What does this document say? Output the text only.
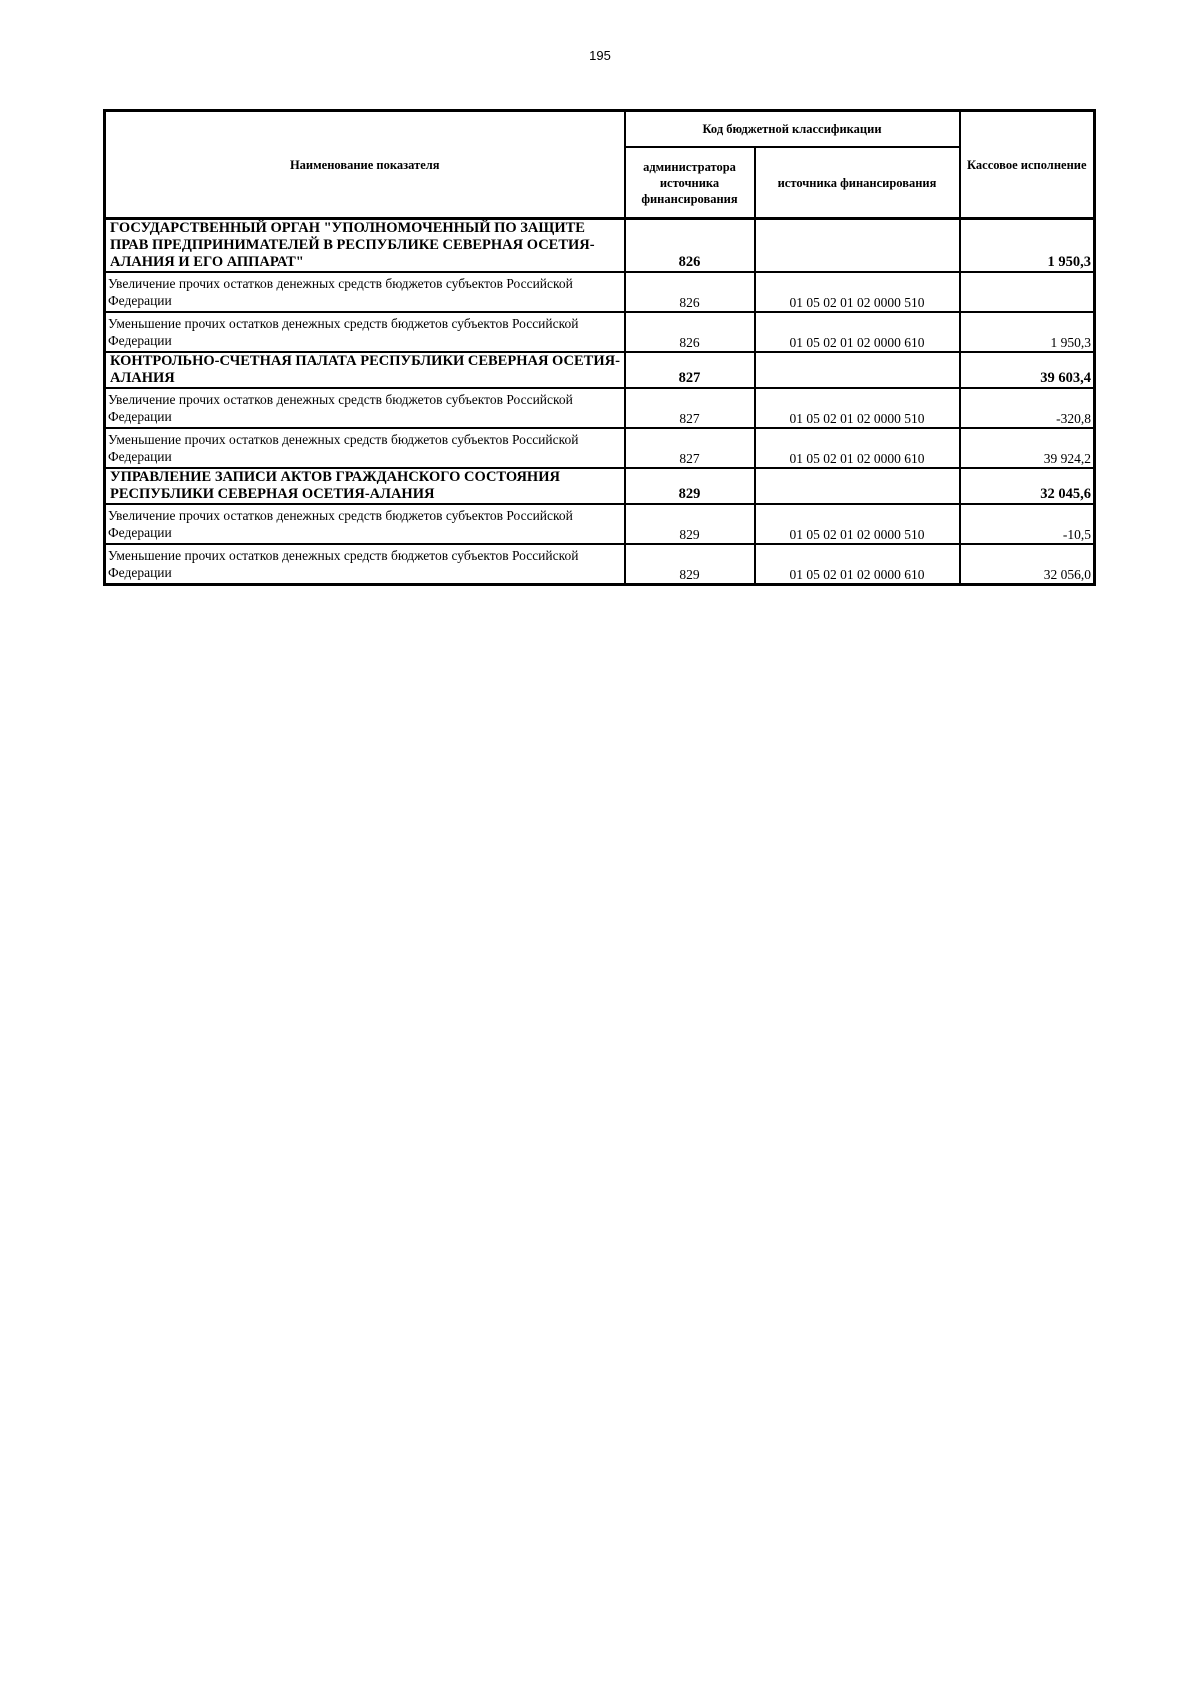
195
Наименование показателя	Код бюджетной классификации		Кассовое исполнение
	администратора источника финансирования	источника финансирования	
ГОСУДАРСТВЕННЫЙ ОРГАН "УПОЛНОМОЧЕННЫЙ ПО ЗАЩИТЕ ПРАВ ПРЕДПРИНИМАТЕЛЕЙ В РЕСПУБЛИКЕ СЕВЕРНАЯ ОСЕТИЯ-АЛАНИЯ И ЕГО АППАРАТ"	826		1 950,3
Увеличение прочих остатков денежных средств бюджетов субъектов Российской Федерации	826	01 05 02 01 02 0000 510	
Уменьшение прочих остатков денежных средств бюджетов субъектов Российской Федерации	826	01 05 02 01 02 0000 610	1 950,3
КОНТРОЛЬНО-СЧЕТНАЯ ПАЛАТА РЕСПУБЛИКИ СЕВЕРНАЯ ОСЕТИЯ-АЛАНИЯ	827		39 603,4
Увеличение прочих остатков денежных средств бюджетов субъектов Российской Федерации	827	01 05 02 01 02 0000 510	-320,8
Уменьшение прочих остатков денежных средств бюджетов субъектов Российской Федерации	827	01 05 02 01 02 0000 610	39 924,2
УПРАВЛЕНИЕ ЗАПИСИ АКТОВ ГРАЖДАНСКОГО СОСТОЯНИЯ РЕСПУБЛИКИ СЕВЕРНАЯ ОСЕТИЯ-АЛАНИЯ	829		32 045,6
Увеличение прочих остатков денежных средств бюджетов субъектов Российской Федерации	829	01 05 02 01 02 0000 510	-10,5
Уменьшение прочих остатков денежных средств бюджетов субъектов Российской Федерации	829	01 05 02 01 02 0000 610	32 056,0
